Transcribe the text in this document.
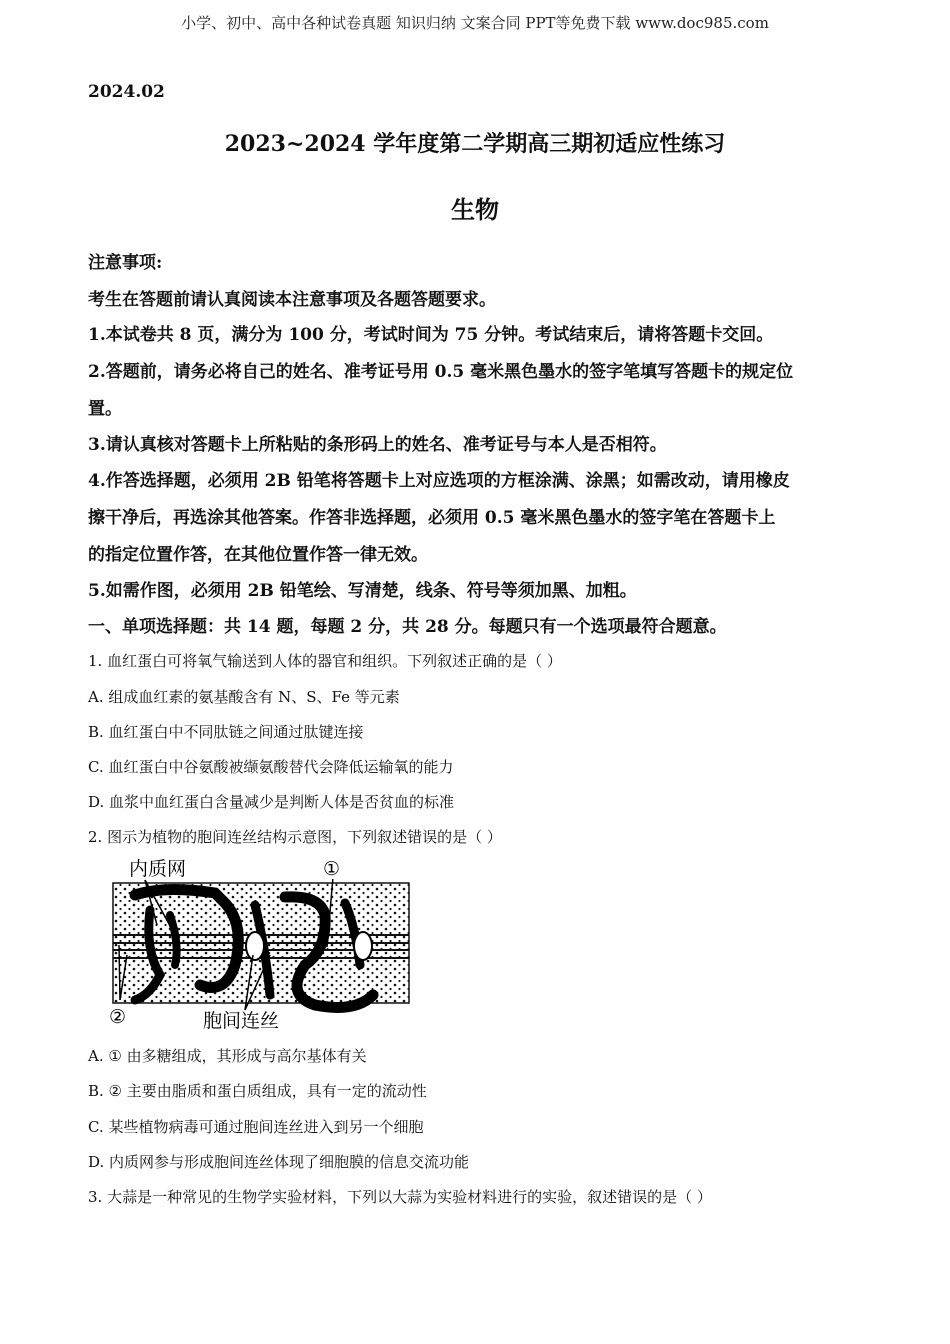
小学、初中、高中各种试卷真题 知识归纳 文案合同 PPT等免费下载 www.doc985.com
2024.02
2023~2024 学年度第二学期高三期初适应性练习
生物
注意事项:
考生在答题前请认真阅读本注意事项及各题答题要求。
1.本试卷共 8 页，满分为 100 分，考试时间为 75 分钟。考试结束后，请将答题卡交回。
2.答题前，请务必将自己的姓名、准考证号用 0.5 毫米黑色墨水的签字笔填写答题卡的规定位
置。
3.请认真核对答题卡上所粘贴的条形码上的姓名、准考证号与本人是否相符。
4.作答选择题，必须用 2B 铅笔将答题卡上对应选项的方框涂满、涂黑；如需改动，请用橡皮
擦干净后，再选涂其他答案。作答非选择题，必须用 0.5 毫米黑色墨水的签字笔在答题卡上
的指定位置作答，在其他位置作答一律无效。
5.如需作图，必须用 2B 铅笔绘、写清楚，线条、符号等须加黑、加粗。
一、单项选择题：共 14 题，每题 2 分，共 28 分。每题只有一个选项最符合题意。
1. 血红蛋白可将氧气输送到人体的器官和组织。下列叙述正确的是（ ）
A. 组成血红素的氨基酸含有 N、S、Fe 等元素
B. 血红蛋白中不同肽链之间通过肽键连接
C. 血红蛋白中谷氨酸被缬氨酸替代会降低运输氧的能力
D. 血浆中血红蛋白含量减少是判断人体是否贫血的标准
2. 图示为植物的胞间连丝结构示意图，下列叙述错误的是（ ）
内质网	①
②	胞间连丝
A. ① 由多糖组成，其形成与高尔基体有关
B. ② 主要由脂质和蛋白质组成，具有一定的流动性
C. 某些植物病毒可通过胞间连丝进入到另一个细胞
D. 内质网参与形成胞间连丝体现了细胞膜的信息交流功能
3. 大蒜是一种常见的生物学实验材料，下列以大蒜为实验材料进行的实验，叙述错误的是（ ）
